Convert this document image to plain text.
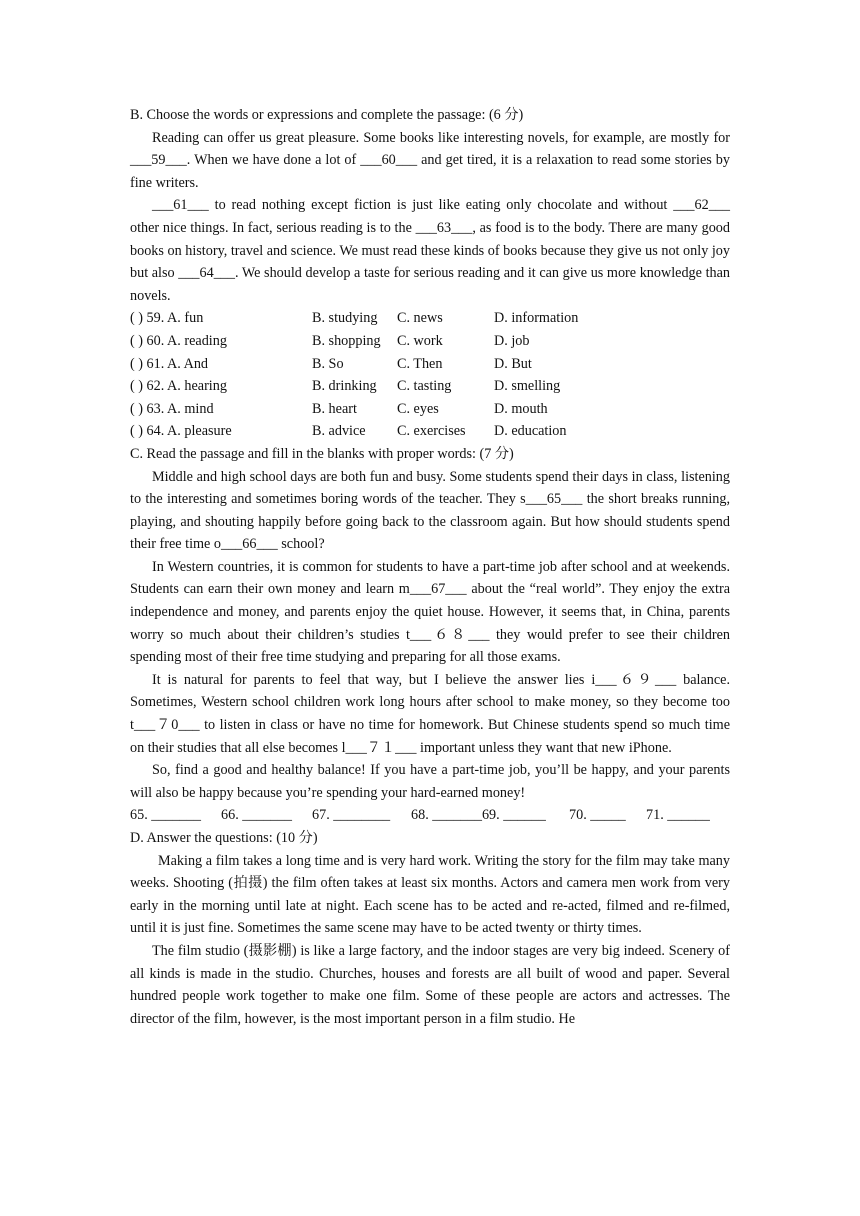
B. Choose the words or expressions and complete the passage: (6 分)

Reading can offer us great pleasure. Some books like interesting novels, for example, are mostly for ___59___. When we have done a lot of ___60___ and get tired, it is a relaxation to read some stories by fine writers.

___61___ to read nothing except fiction is just like eating only chocolate and without ___62___ other nice things. In fact, serious reading is to the ___63___, as food is to the body. There are many good books on history, travel and science. We must read these kinds of books because they give us not only joy but also ___64___. We should develop a taste for serious reading and it can give us more knowledge than novels.

( ) 59. A. fun	B. studying	C. news	D. information
( ) 60. A. reading	B. shopping	C. work	D. job
( ) 61. A. And	B. So	C. Then	D. But
( ) 62. A. hearing	B. drinking	C. tasting	D. smelling
( ) 63. A. mind	B. heart	C. eyes	D. mouth
( ) 64. A. pleasure	B. advice	C. exercises	D. education
C. Read the passage and fill in the blanks with proper words: (7 分)

Middle and high school days are both fun and busy. Some students spend their days in class, listening to the interesting and sometimes boring words of the teacher. They s___65___ the short breaks running, playing, and shouting happily before going back to the classroom again. But how should students spend their free time o___66___ school?

In Western countries, it is common for students to have a part-time job after school and at weekends. Students can earn their own money and learn m___67___ about the “real world”. They enjoy the extra independence and money, and parents enjoy the quiet house. However, it seems that, in China, parents worry so much about their children’s studies t___６８___ they would prefer to see their children spending most of their free time studying and preparing for all those exams.

It is natural for parents to feel that way, but I believe the answer lies i___６９___ balance. Sometimes, Western school children work long hours after school to make money, so they become too t___７0___ to listen in class or have no time for homework. But Chinese students spend so much time on their studies that all else becomes l___７１___ important unless they want that new iPhone.

So, find a good and healthy balance! If you have a part-time job, you’ll be happy, and your parents will also be happy because you’re spending your hard-earned money!

65. _______	66. _______	67. ________	68. _______69. ______	70. _____	71. ______
D. Answer the questions: (10 分)

Making a film takes a long time and is very hard work. Writing the story for the film may take many weeks. Shooting (拍摄) the film often takes at least six months. Actors and camera men work from very early in the morning until late at night. Each scene has to be acted and re-acted, filmed and re-filmed, until it is just fine. Sometimes the same scene may have to be acted twenty or thirty times.

The film studio (摄影棚) is like a large factory, and the indoor stages are very big indeed. Scenery of all kinds is made in the studio. Churches, houses and forests are all built of wood and paper. Several hundred people work together to make one film. Some of these people are actors and actresses. The director of the film, however, is the most important person in a film studio. He
